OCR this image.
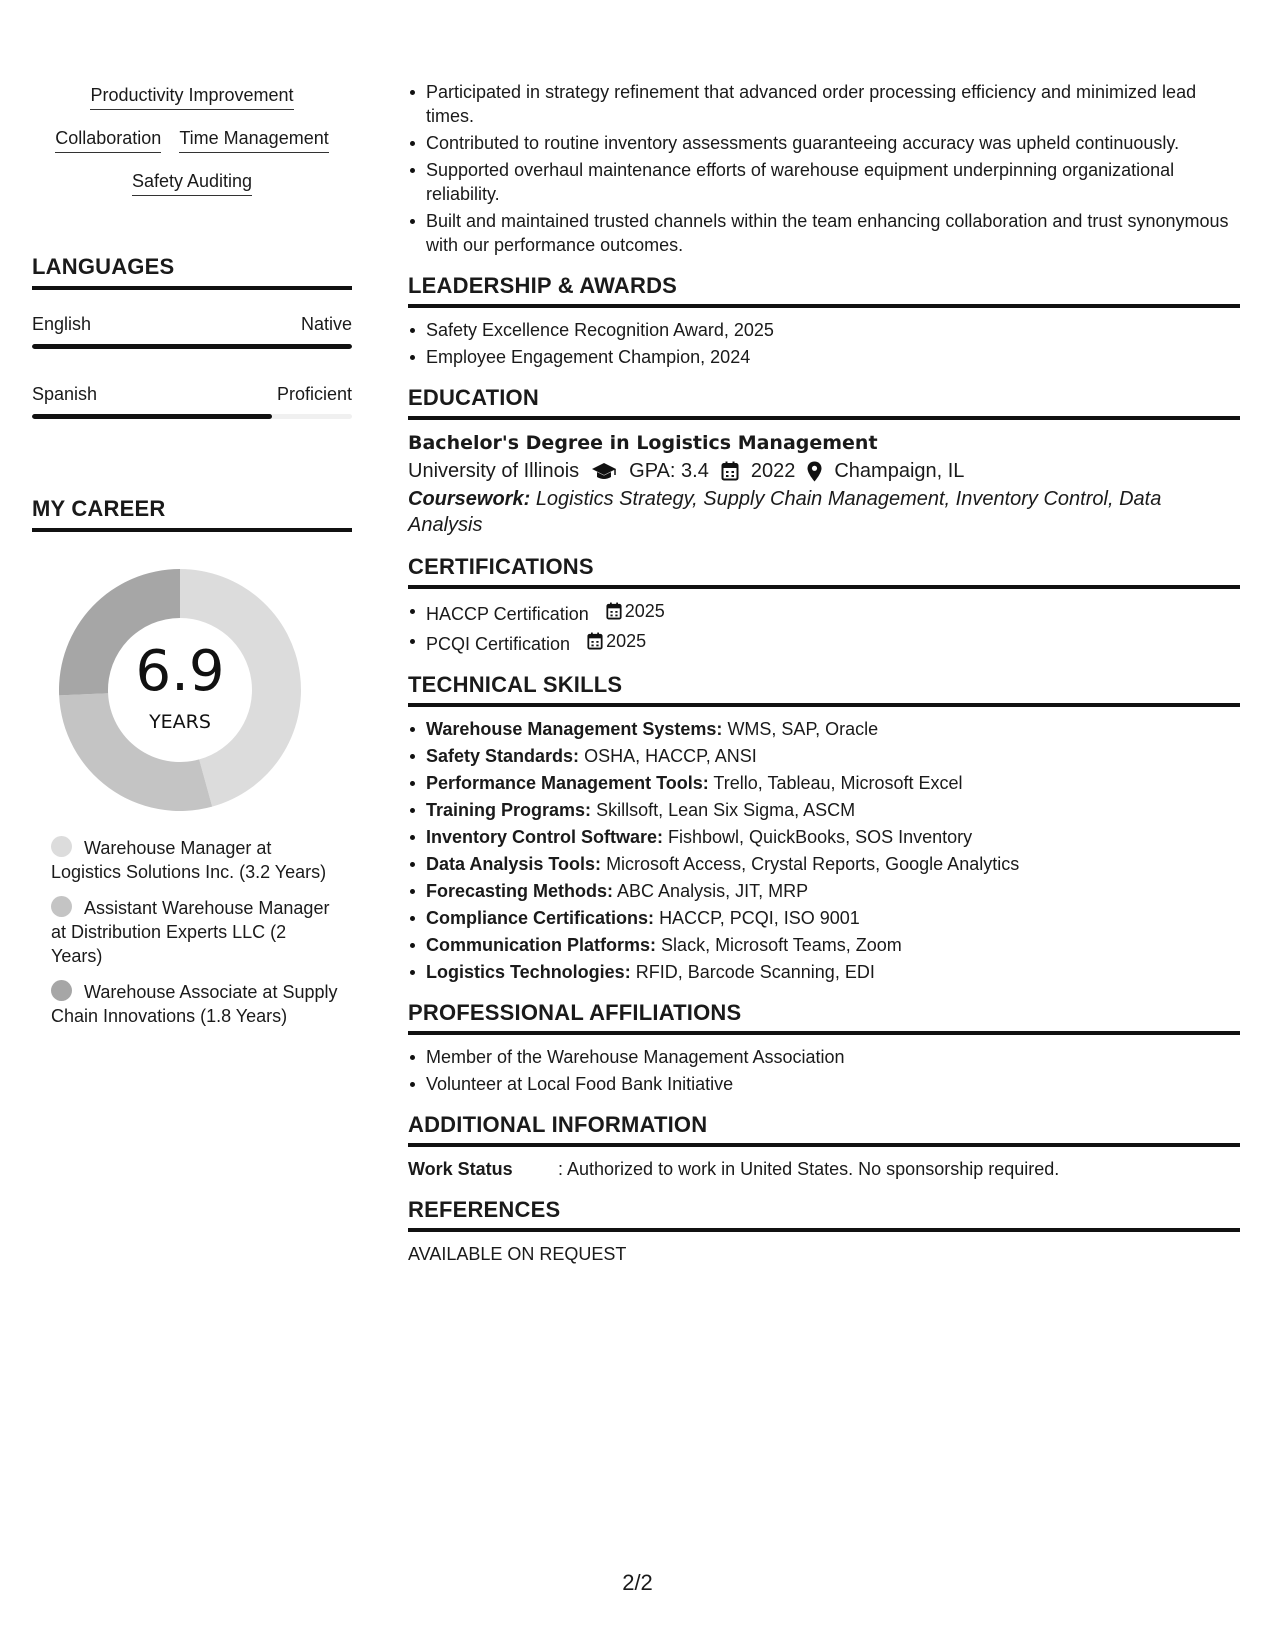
Productivity Improvement
Collaboration Time Management
Safety Auditing
LANGUAGES
English	Native
Spanish	Proficient
MY CAREER
6.9
YEARS
Warehouse Manager at Logistics Solutions Inc. (3.2 Years)
Assistant Warehouse Manager at Distribution Experts LLC (2 Years)
Warehouse Associate at Supply Chain Innovations (1.8 Years)
Participated in strategy refinement that advanced order processing efficiency and minimized lead times.
Contributed to routine inventory assessments guaranteeing accuracy was upheld continuously.
Supported overhaul maintenance efforts of warehouse equipment underpinning organizational reliability.
Built and maintained trusted channels within the team enhancing collaboration and trust synonymous with our performance outcomes.
LEADERSHIP & AWARDS
Safety Excellence Recognition Award, 2025
Employee Engagement Champion, 2024
EDUCATION
Bachelor's Degree in Logistics Management
University of Illinois	GPA: 3.4 2022 Champaign, IL
Coursework: Logistics Strategy, Supply Chain Management, Inventory Control, Data Analysis
CERTIFICATIONS
HACCP Certification 2025
PCQI Certification 2025
TECHNICAL SKILLS
Warehouse Management Systems: WMS, SAP, Oracle
Safety Standards: OSHA, HACCP, ANSI
Performance Management Tools: Trello, Tableau, Microsoft Excel
Training Programs: Skillsoft, Lean Six Sigma, ASCM
Inventory Control Software: Fishbowl, QuickBooks, SOS Inventory
Data Analysis Tools: Microsoft Access, Crystal Reports, Google Analytics
Forecasting Methods: ABC Analysis, JIT, MRP
Compliance Certifications: HACCP, PCQI, ISO 9001
Communication Platforms: Slack, Microsoft Teams, Zoom
Logistics Technologies: RFID, Barcode Scanning, EDI
PROFESSIONAL AFFILIATIONS
Member of the Warehouse Management Association
Volunteer at Local Food Bank Initiative
ADDITIONAL INFORMATION
Work Status	: Authorized to work in United States. No sponsorship required.
REFERENCES
AVAILABLE ON REQUEST
2/2
